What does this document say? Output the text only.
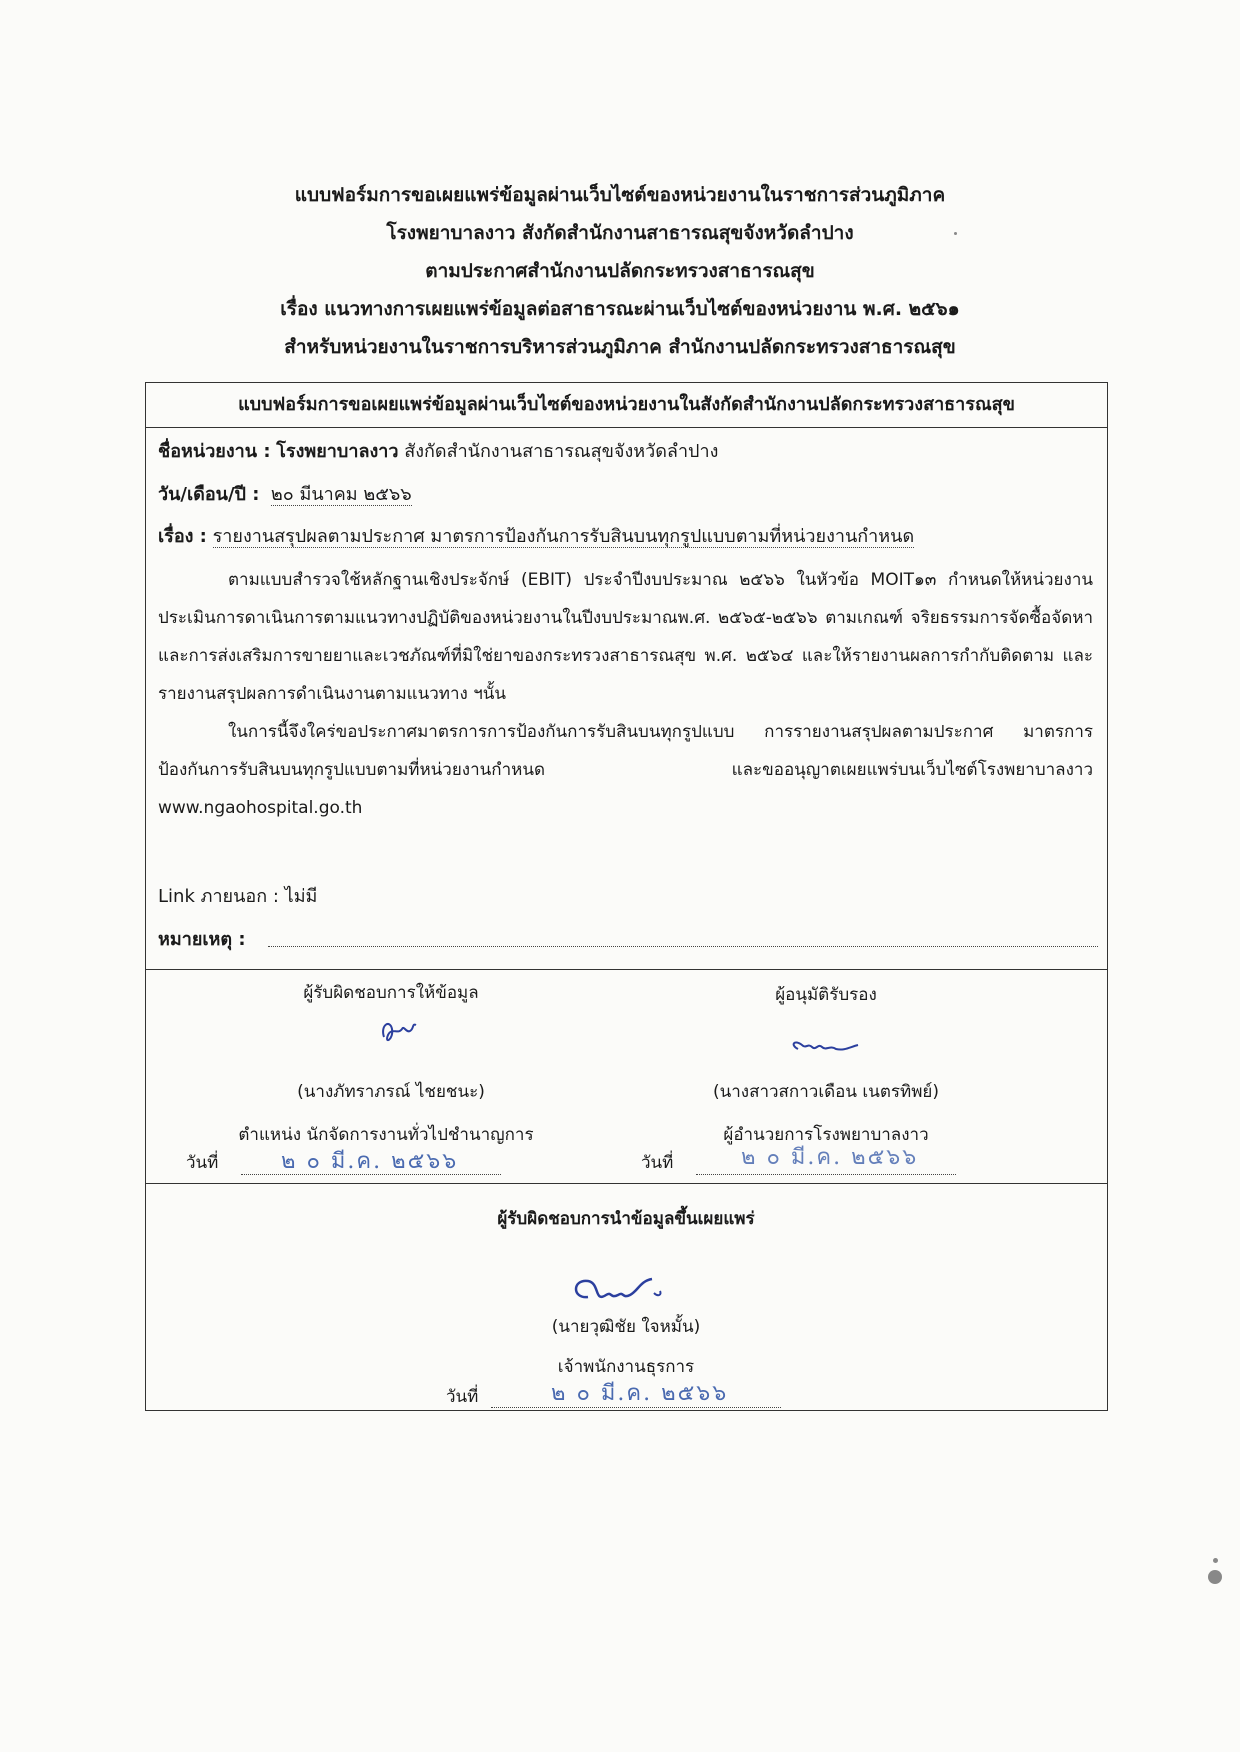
แบบฟอร์มการขอเผยแพร่ข้อมูลผ่านเว็บไซต์ของหน่วยงานในราชการส่วนภูมิภาค
โรงพยาบาลงาว สังกัดสำนักงานสาธารณสุขจังหวัดลำปาง
ตามประกาศสำนักงานปลัดกระทรวงสาธารณสุข
เรื่อง แนวทางการเผยแพร่ข้อมูลต่อสาธารณะผ่านเว็บไซต์ของหน่วยงาน พ.ศ. ๒๕๖๑
สำหรับหน่วยงานในราชการบริหารส่วนภูมิภาค สำนักงานปลัดกระทรวงสาธารณสุข
แบบฟอร์มการขอเผยแพร่ข้อมูลผ่านเว็บไซต์ของหน่วยงานในสังกัดสำนักงานปลัดกระทรวงสาธารณสุข
ชื่อหน่วยงาน : โรงพยาบาลงาว สังกัดสำนักงานสาธารณสุขจังหวัดลำปาง
วัน/เดือน/ปี : ๒๐ มีนาคม ๒๕๖๖
เรื่อง : รายงานสรุปผลตามประกาศ มาตรการป้องกันการรับสินบนทุกรูปแบบตามที่หน่วยงานกำหนด

ตามแบบสำรวจใช้หลักฐานเชิงประจักษ์ (EBIT) ประจำปีงบประมาณ ๒๕๖๖ ในหัวข้อ MOIT๑๓ กำหนดให้หน่วยงานประเมินการดาเนินการตามแนวทางปฏิบัติของหน่วยงานในปีงบประมาณพ.ศ. ๒๕๖๕-๒๕๖๖ ตามเกณฑ์ จริยธรรมการจัดซื้อจัดหาและการส่งเสริมการขายยาและเวชภัณฑ์ที่มิใช่ยาของกระทรวงสาธารณสุข พ.ศ. ๒๕๖๔ และให้รายงานผลการกำกับติดตาม และรายงานสรุปผลการดำเนินงานตามแนวทาง ฯนั้น

ในการนี้จึงใคร่ขอประกาศมาตรการการป้องกันการรับสินบนทุกรูปแบบ การรายงานสรุปผลตามประกาศ มาตรการป้องกันการรับสินบนทุกรูปแบบตามที่หน่วยงานกำหนด และขออนุญาตเผยแพร่บนเว็บไซต์โรงพยาบาลงาว www.ngaohospital.go.th

Link ภายนอก : ไม่มี
หมายเหตุ :
ผู้รับผิดชอบการให้ข้อมูล
(นางภัทราภรณ์ ไชยชนะ)
ตำแหน่ง นักจัดการงานทั่วไปชำนาญการ
วันที่	๒ ๐ มี.ค. ๒๕๖๖
ผู้อนุมัติรับรอง
(นางสาวสกาวเดือน เนตรทิพย์)
ผู้อำนวยการโรงพยาบาลงาว
วันที่	๒ ๐ มี.ค. ๒๕๖๖
ผู้รับผิดชอบการนำข้อมูลขึ้นเผยแพร่
(นายวุฒิชัย ใจหมั้น)
เจ้าพนักงานธุรการ
วันที่	๒ ๐ มี.ค. ๒๕๖๖
